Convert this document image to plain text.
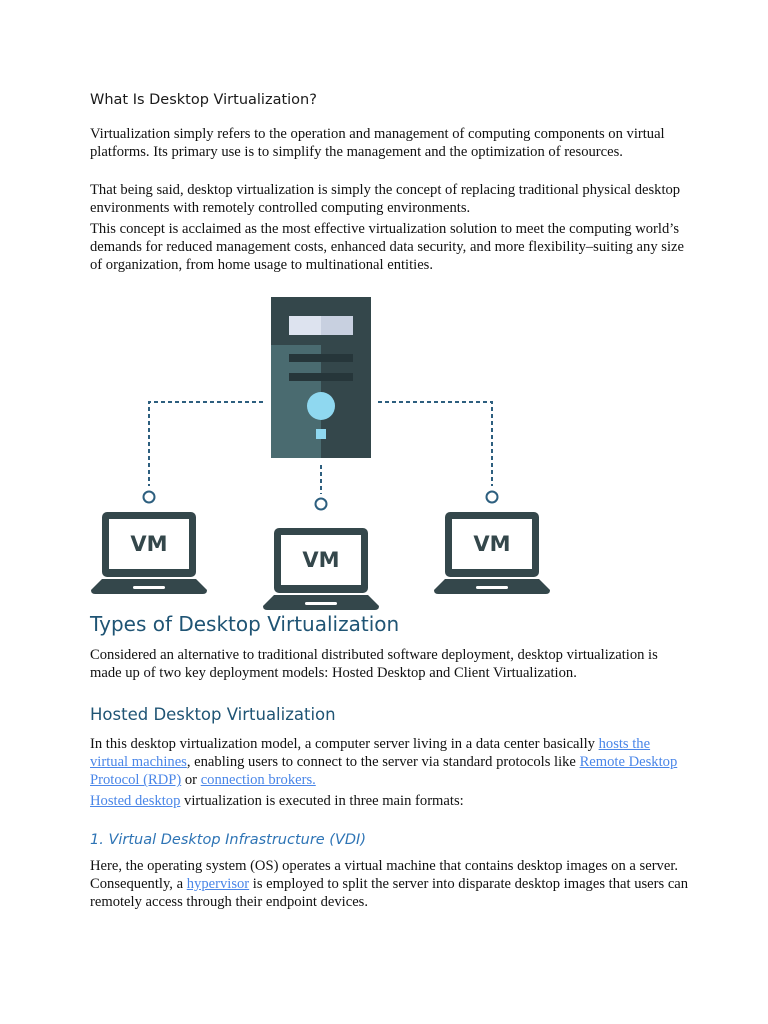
What Is Desktop Virtualization?

Virtualization simply refers to the operation and management of computing components on virtual platforms. Its primary use is to simplify the management and the optimization of resources.

That being said, desktop virtualization is simply the concept of replacing traditional physical desktop environments with remotely controlled computing environments.

This concept is acclaimed as the most effective virtualization solution to meet the computing world’s demands for reduced management costs, enhanced data security, and more flexibility–suiting any size of organization, from home usage to multinational entities.

VM
VM
VM
Types of Desktop Virtualization

Considered an alternative to traditional distributed software deployment, desktop virtualization is made up of two key deployment models: Hosted Desktop and Client Virtualization.

Hosted Desktop Virtualization

In this desktop virtualization model, a computer server living in a data center basically hosts the virtual machines, enabling users to connect to the server via standard protocols like Remote Desktop Protocol (RDP) or connection brokers.

Hosted desktop virtualization is executed in three main formats:

1. Virtual Desktop Infrastructure (VDI)

Here, the operating system (OS) operates a virtual machine that contains desktop images on a server. Consequently, a hypervisor is employed to split the server into disparate desktop images that users can remotely access through their endpoint devices.
